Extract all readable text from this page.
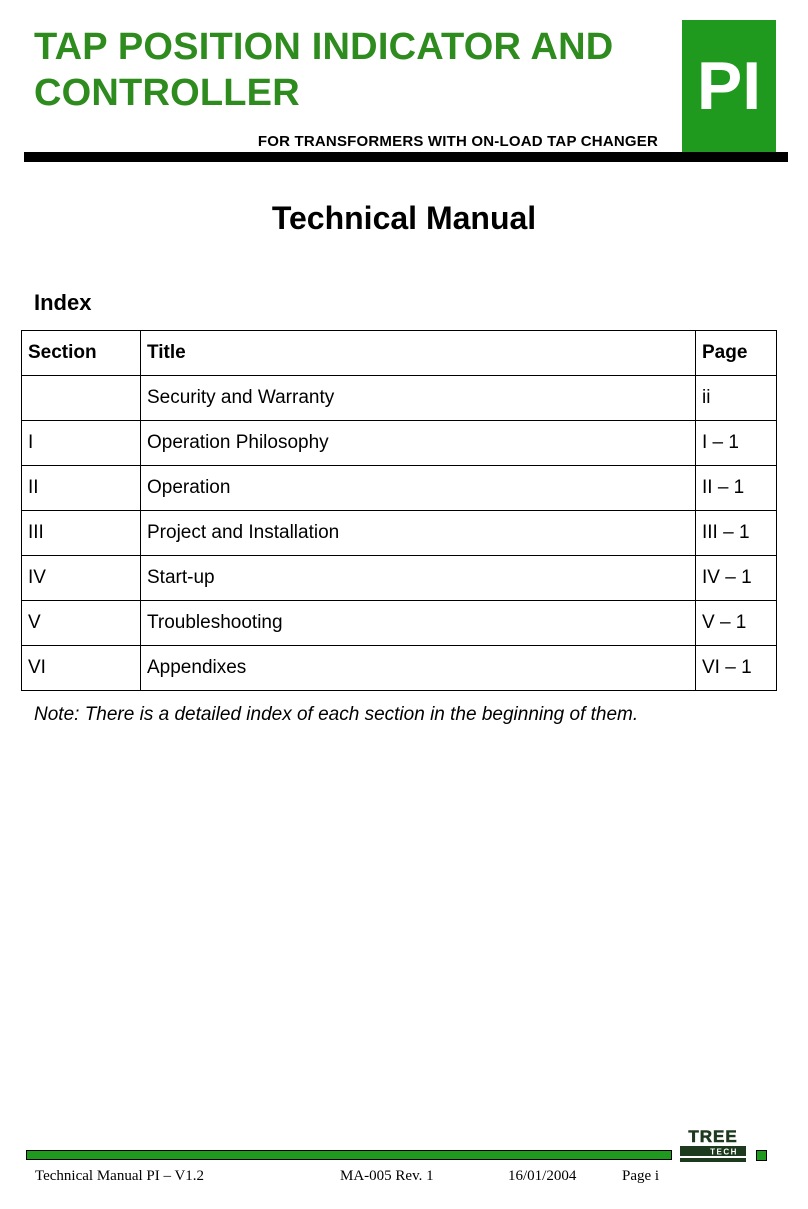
TAP POSITION INDICATOR AND CONTROLLER	PI
FOR TRANSFORMERS WITH ON-LOAD TAP CHANGER
Technical Manual
Index
Section	Title	Page
	Security and Warranty	ii
I	Operation Philosophy	I – 1
II	Operation	II – 1
III	Project and Installation	III – 1
IV	Start-up	IV – 1
V	Troubleshooting	V – 1
VI	Appendixes	VI – 1
Note: There is a detailed index of each section in the beginning of them.
TREE
TECH
Technical Manual PI – V1.2	MA-005 Rev. 1	16/01/2004	Page i
